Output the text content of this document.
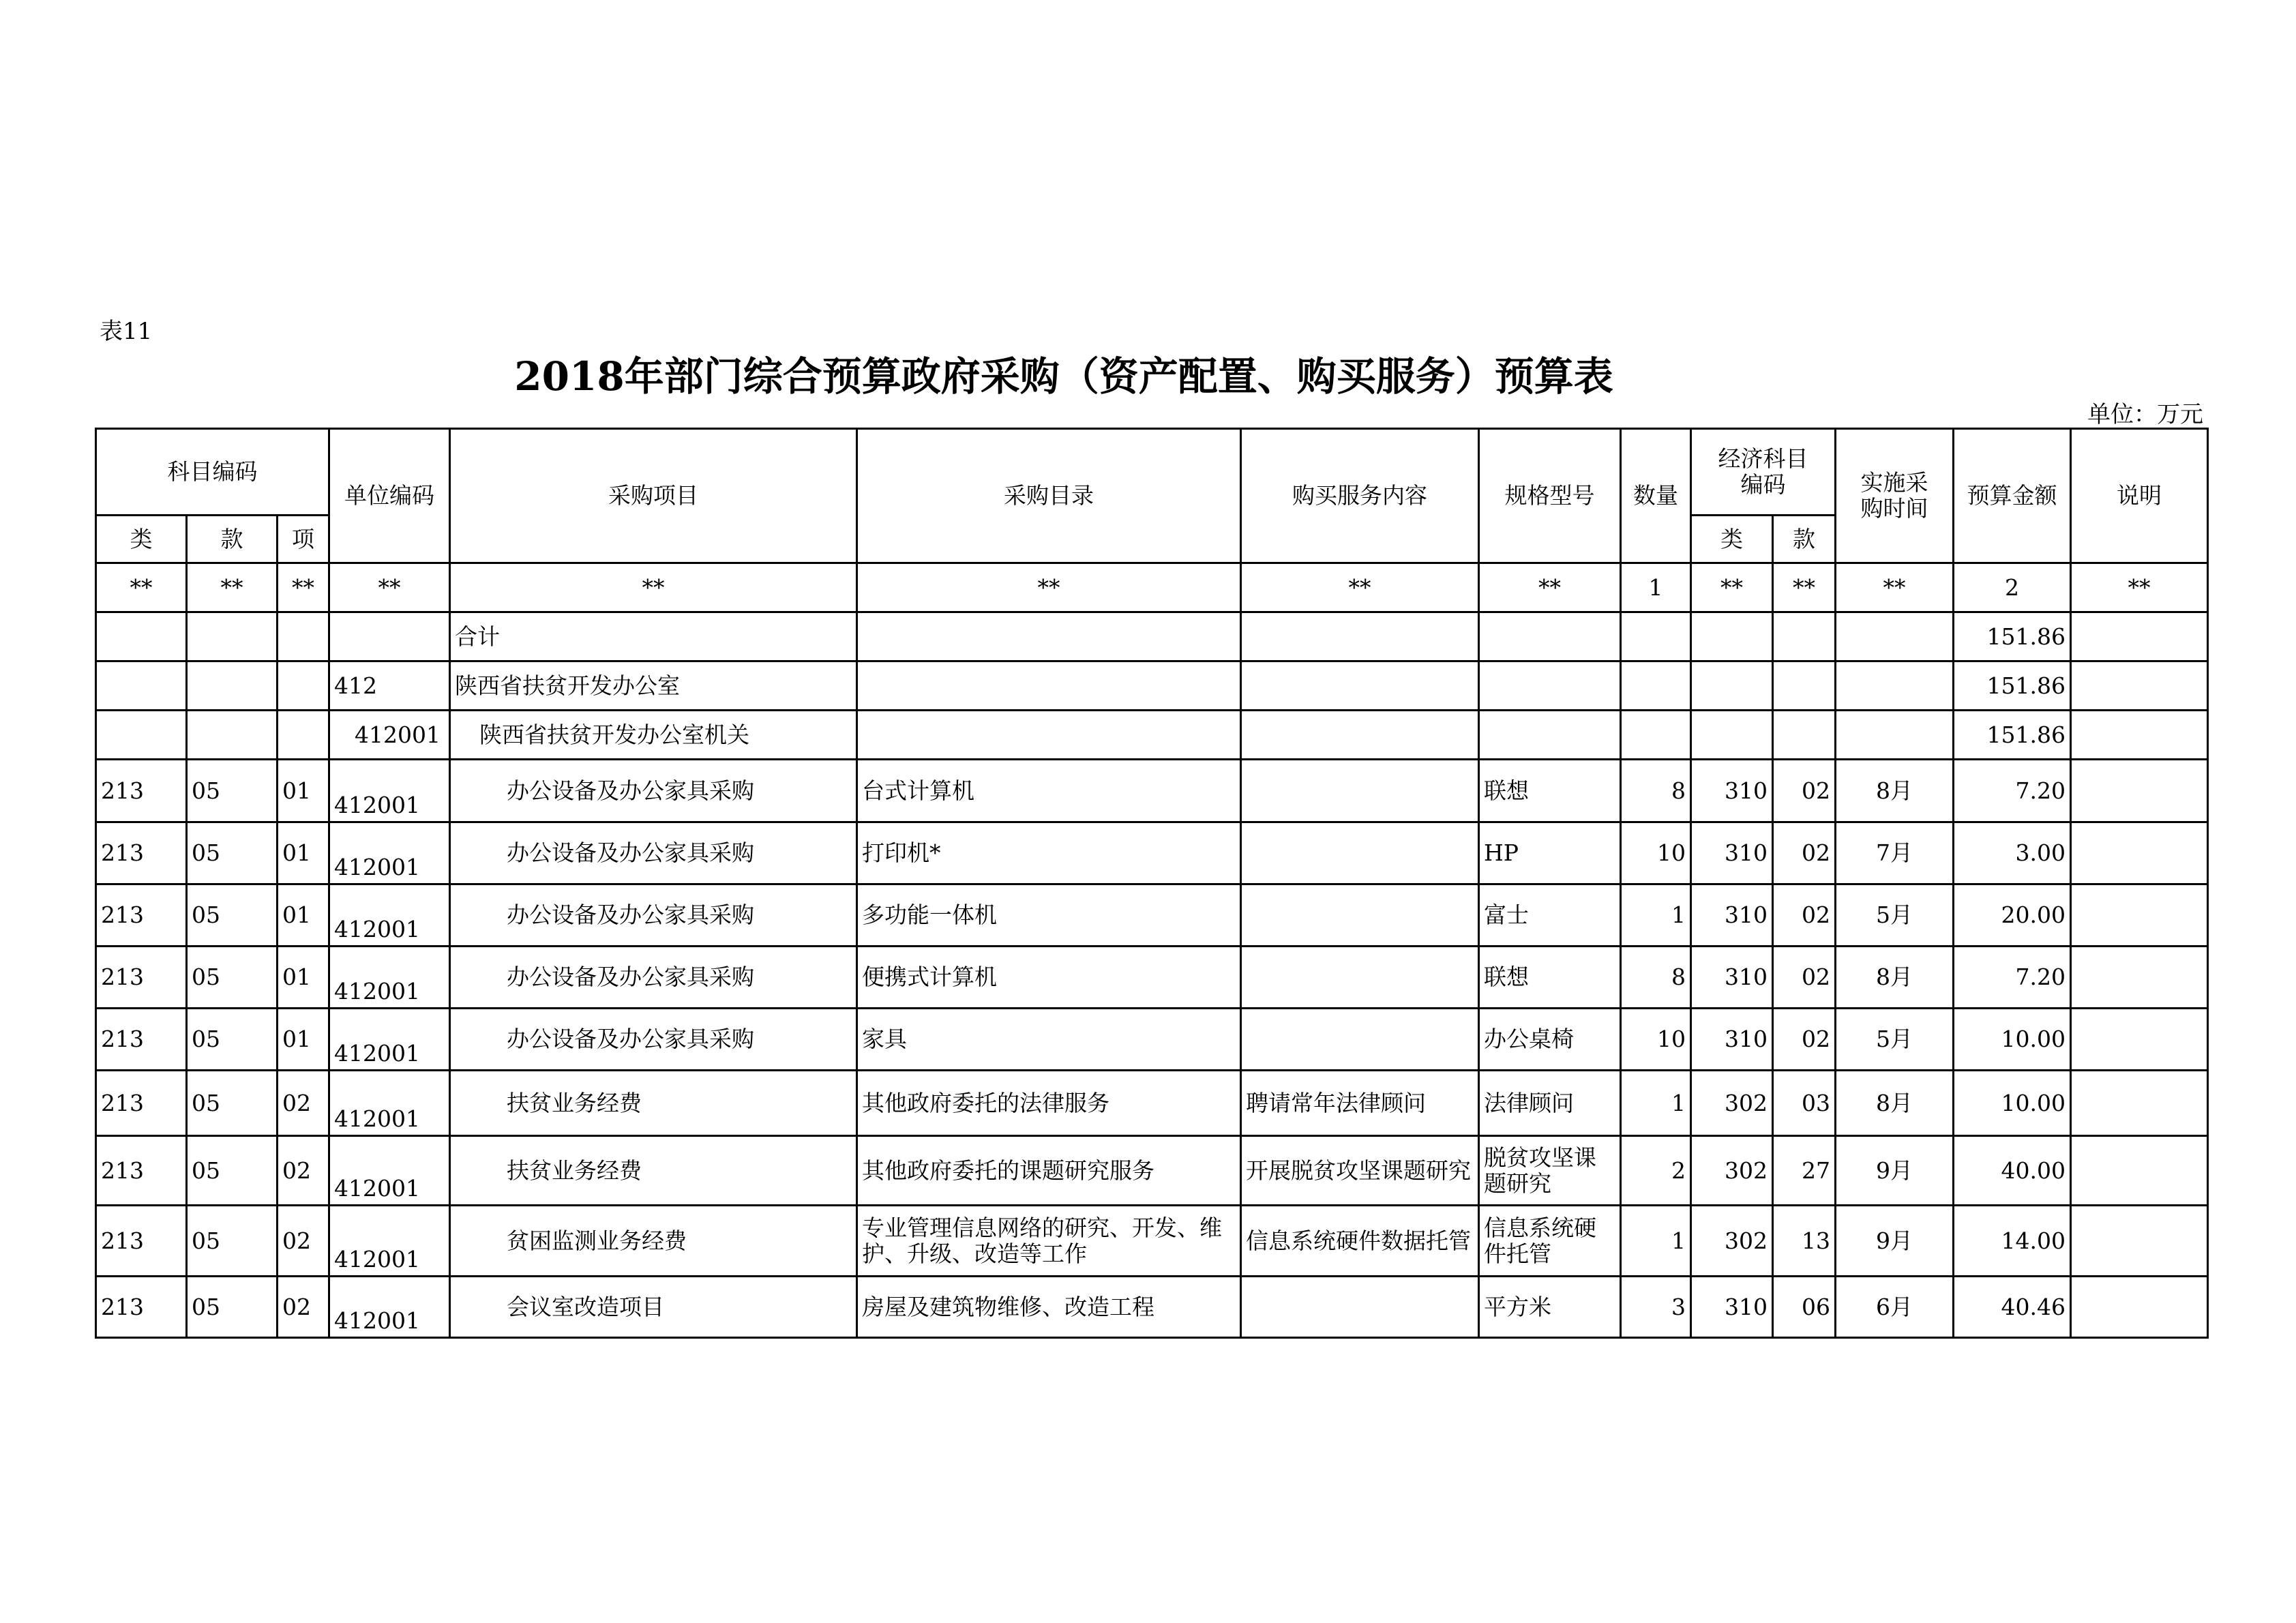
表11
2018年部门综合预算政府采购（资产配置、购买服务）预算表
单位：万元
科目编码			单位编码	采购项目	采购目录	购买服务内容	规格型号	数量	经济科目编码		实施采购时间	预算金额	说明
类	款	项							类	款			
**	**	**	**	**	**	**	**	1	**	**	**	2	**
				合计								151.86	
			412	陕西省扶贫开发办公室								151.86	
			412001	陕西省扶贫开发办公室机关								151.86	
213	05	01	412001	办公设备及办公家具采购	台式计算机		联想	8	310	02	8月	7.20	
213	05	01	412001	办公设备及办公家具采购	打印机*		HP	10	310	02	7月	3.00	
213	05	01	412001	办公设备及办公家具采购	多功能一体机		富士	1	310	02	5月	20.00	
213	05	01	412001	办公设备及办公家具采购	便携式计算机		联想	8	310	02	8月	7.20	
213	05	01	412001	办公设备及办公家具采购	家具		办公桌椅	10	310	02	5月	10.00	
213	05	02	412001	扶贫业务经费	其他政府委托的法律服务	聘请常年法律顾问	法律顾问	1	302	03	8月	10.00	
213	05	02	412001	扶贫业务经费	其他政府委托的课题研究服务	开展脱贫攻坚课题研究	脱贫攻坚课题研究	2	302	27	9月	40.00	
213	05	02	412001	贫困监测业务经费	专业管理信息网络的研究、开发、维护、升级、改造等工作	信息系统硬件数据托管	信息系统硬件托管	1	302	13	9月	14.00	
213	05	02	412001	会议室改造项目	房屋及建筑物维修、改造工程		平方米	3	310	06	6月	40.46	
